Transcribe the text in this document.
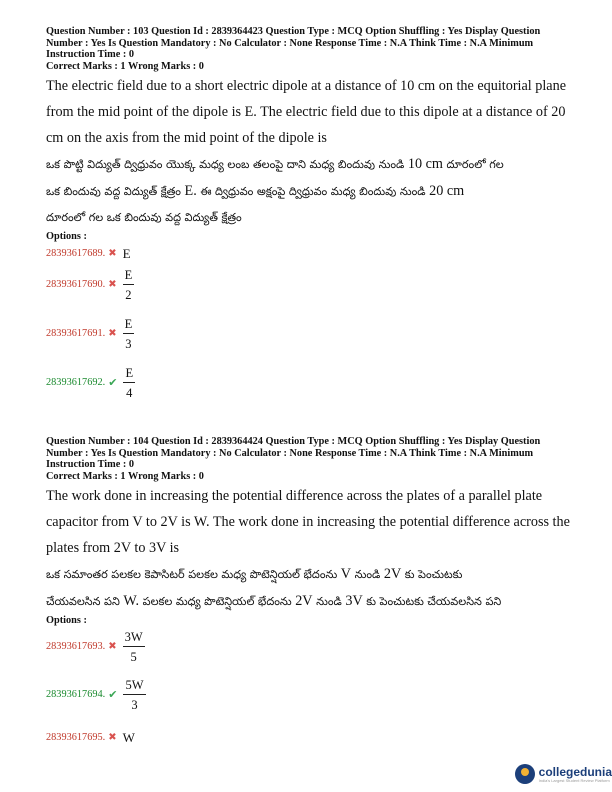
Question Number : 103 Question Id : 2839364423 Question Type : MCQ Option Shuffling : Yes Display Question Number : Yes Is Question Mandatory : No Calculator : None Response Time : N.A Think Time : N.A Minimum Instruction Time : 0

Correct Marks : 1 Wrong Marks : 0

The electric field due to a short electric dipole at a distance of 10 cm on the equitorial plane from the mid point of the dipole is E. The electric field due to this dipole at a distance of 20 cm on the axis from the mid point of the dipole is

ఒక పొట్టి విద్యుత్ ద్విధ్రువం యొక్క మధ్య లంబ తలంపై దాని మధ్య బిందువు నుండి 10 cm దూరంలో గల

ఒక బిందువు వద్ద విద్యుత్ క్షేత్రం E. ఈ ద్విధ్రువం అక్షంపై ద్విధ్రువం మధ్య బిందువు నుండి 20 cm

దూరంలో గల ఒక బిందువు వద్ద విద్యుత్ క్షేత్రం

Options :

28393617689. ✖ E
28393617690. ✖ $\frac{E}{2}$
28393617691. ✖ $\frac{E}{3}$
28393617692. ✔ $\frac{E}{4}$

Question Number : 104 Question Id : 2839364424 Question Type : MCQ Option Shuffling : Yes Display Question Number : Yes Is Question Mandatory : No Calculator : None Response Time : N.A Think Time : N.A Minimum Instruction Time : 0

Correct Marks : 1 Wrong Marks : 0

The work done in increasing the potential difference across the plates of a parallel plate capacitor from V to 2V is W. The work done in increasing the potential difference across the plates from 2V to 3V is

ఒక సమాంతర పలకల కెపాసిటర్ పలకల మధ్య పొటెన్షియల్ భేదంను V నుండి 2V కు పెంచుటకు

చేయవలసిన పని W. పలకల మధ్య పొటెన్షియల్ భేదంను 2V నుండి 3V కు పెంచుటకు చేయవలసిన పని

Options :

28393617693. ✖ $\frac{3W}{5}$
28393617694. ✔ $\frac{5W}{3}$
28393617695. ✖ W
collegedunia
India's Largest Student Review Platform
